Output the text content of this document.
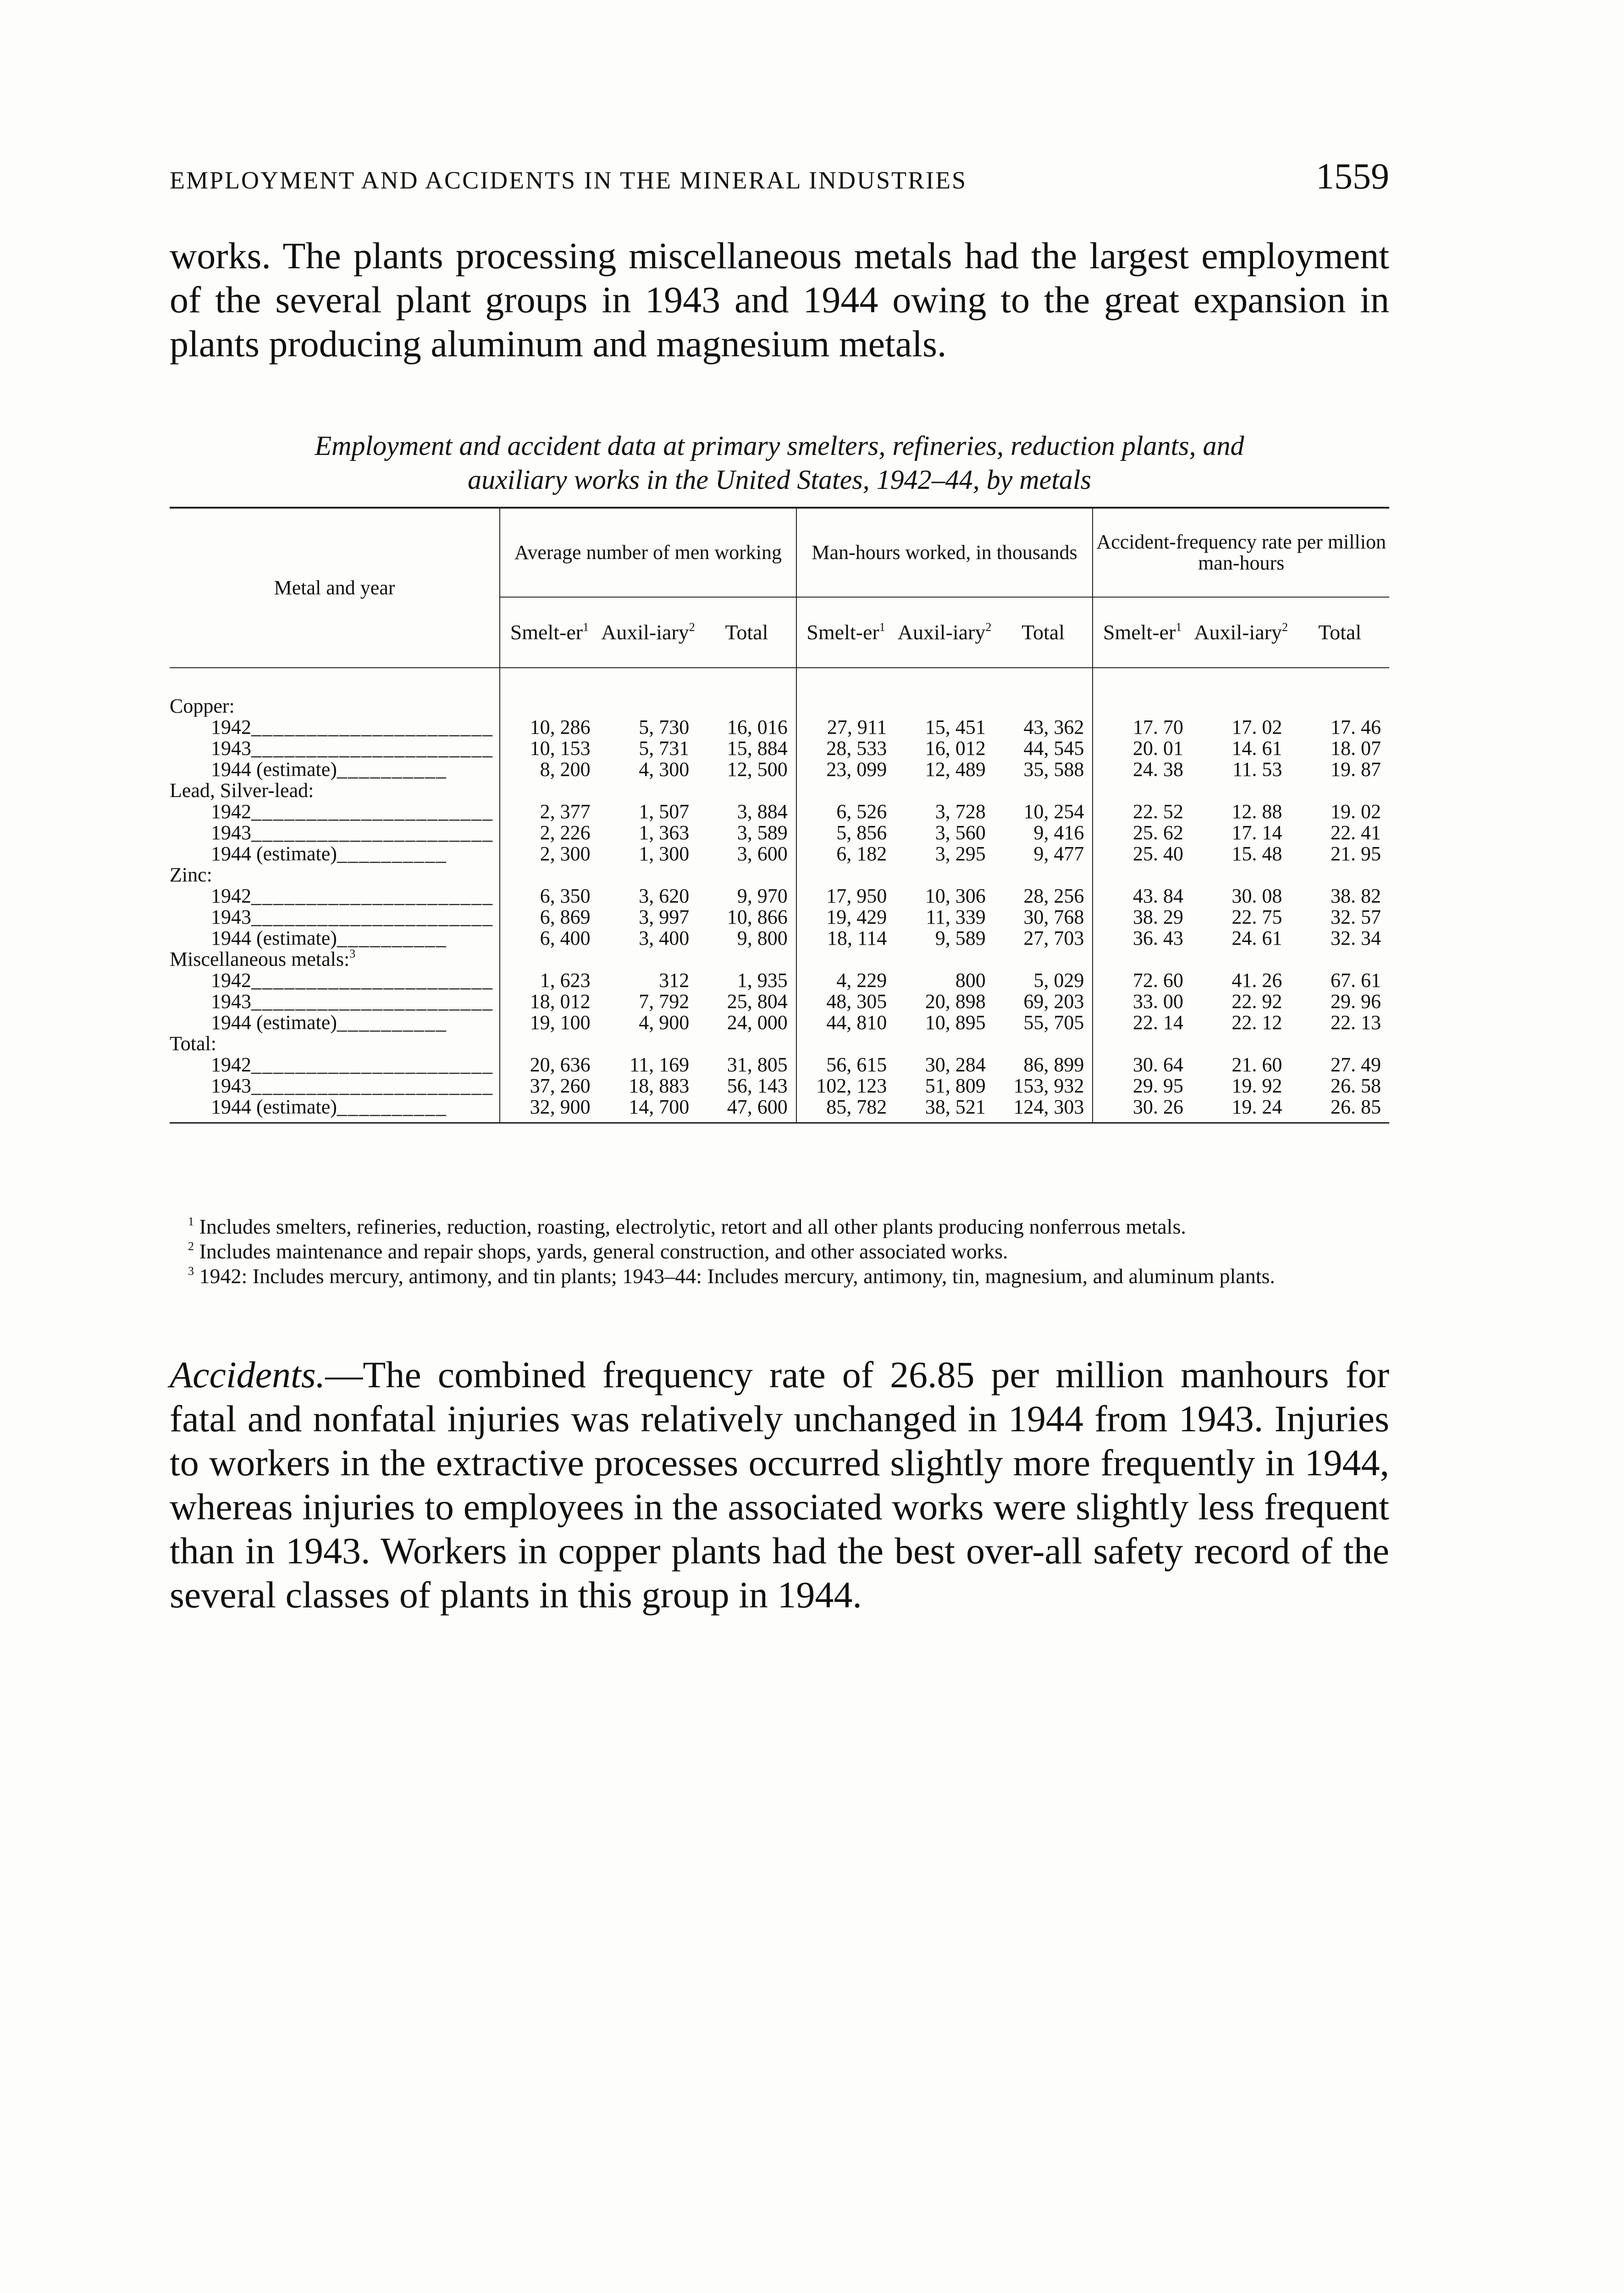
EMPLOYMENT AND ACCIDENTS IN THE MINERAL INDUSTRIES	1559

works. The plants processing miscellaneous metals had the largest employment of the several plant groups in 1943 and 1944 owing to the great expansion in plants producing aluminum and magnesium metals.

Employment and accident data at primary smelters, refineries, reduction plants, and
auxiliary works in the United States, 1942–44, by metals
Metal and year	Average number of men working			Man-hours worked, in thousands			Accident-frequency rate per million man-hours		
	Smelt-$er^1$	Auxil-iary$^2$	Total	Smelt-$er^1$	Auxil-iary$^2$	Total	Smelt-$er^1$	Auxil-iary$^2$	Total
Copper:									
1942______________________	10, 286	5, 730	16, 016	27, 911	15, 451	43, 362	17. 70	17. 02	17. 46
1943______________________	10, 153	5, 731	15, 884	28, 533	16, 012	44, 545	20. 01	14. 61	18. 07
1944 (estimate)__________	8, 200	4, 300	12, 500	23, 099	12, 489	35, 588	24. 38	11. 53	19. 87
Lead, Silver-lead:									
1942______________________	2, 377	1, 507	3, 884	6, 526	3, 728	10, 254	22. 52	12. 88	19. 02
1943______________________	2, 226	1, 363	3, 589	5, 856	3, 560	9, 416	25. 62	17. 14	22. 41
1944 (estimate)__________	2, 300	1, 300	3, 600	6, 182	3, 295	9, 477	25. 40	15. 48	21. 95
Zinc:									
1942______________________	6, 350	3, 620	9, 970	17, 950	10, 306	28, 256	43. 84	30. 08	38. 82
1943______________________	6, 869	3, 997	10, 866	19, 429	11, 339	30, 768	38. 29	22. 75	32. 57
1944 (estimate)__________	6, 400	3, 400	9, 800	18, 114	9, 589	27, 703	36. 43	24. 61	32. 34
Miscellaneous metals:$^3$									
1942______________________	1, 623	312	1, 935	4, 229	800	5, 029	72. 60	41. 26	67. 61
1943______________________	18, 012	7, 792	25, 804	48, 305	20, 898	69, 203	33. 00	22. 92	29. 96
1944 (estimate)__________	19, 100	4, 900	24, 000	44, 810	10, 895	55, 705	22. 14	22. 12	22. 13
Total:									
1942______________________	20, 636	11, 169	31, 805	56, 615	30, 284	86, 899	30. 64	21. 60	27. 49
1943______________________	37, 260	18, 883	56, 143	102, 123	51, 809	153, 932	29. 95	19. 92	26. 58
1944 (estimate)__________	32, 900	14, 700	47, 600	85, 782	38, 521	124, 303	30. 26	19. 24	26. 85

$^1$ Includes smelters, refineries, reduction, roasting, electrolytic, retort and all other plants producing nonferrous metals.

$^2$ Includes maintenance and repair shops, yards, general construction, and other associated works.

$^3$ 1942: Includes mercury, antimony, and tin plants; 1943–44: Includes mercury, antimony, tin, magnesium, and aluminum plants.

Accidents.—The combined frequency rate of 26.85 per million manhours for fatal and nonfatal injuries was relatively unchanged in 1944 from 1943. Injuries to workers in the extractive processes occurred slightly more frequently in 1944, whereas injuries to employees in the associated works were slightly less frequent than in 1943. Workers in copper plants had the best over-all safety record of the several classes of plants in this group in 1944.
